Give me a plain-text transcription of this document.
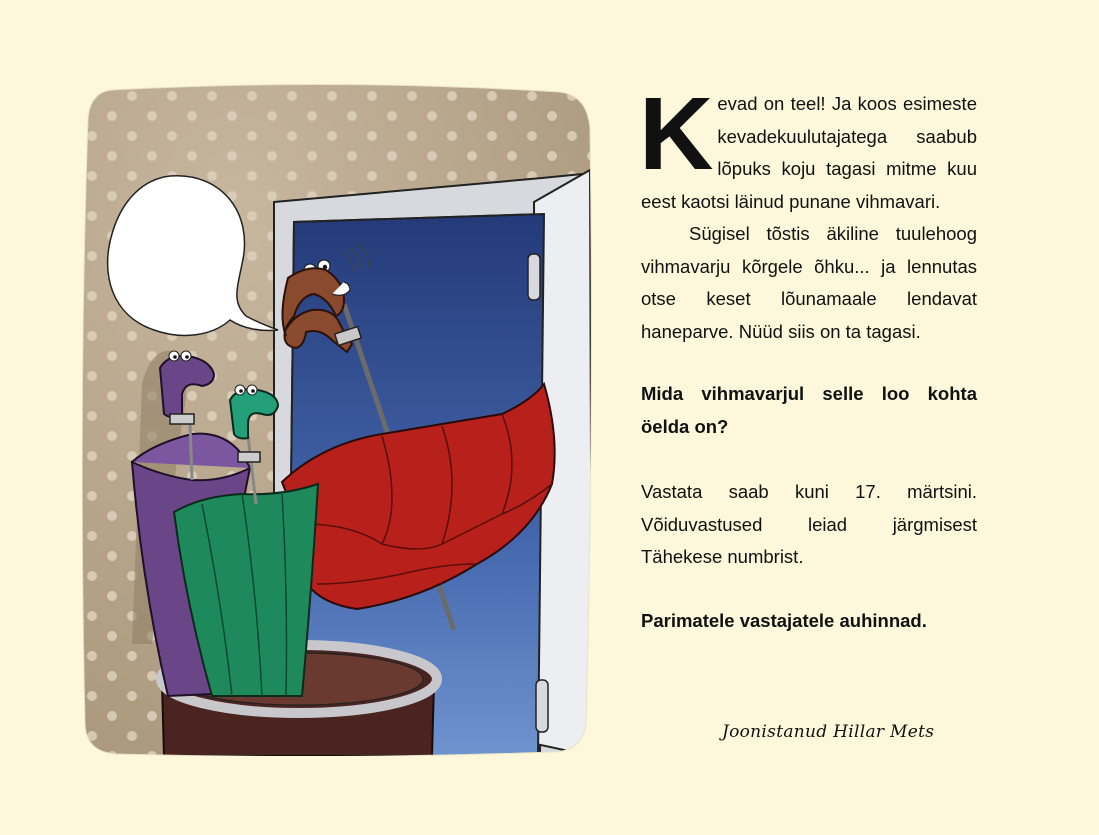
Kevad on teel! Ja koos esimeste kevadekuulutajatega saabub lõpuks koju tagasi mitme kuu eest kaotsi läinud punane vihmavari.

Sügisel tõstis äkiline tuulehoog vihmavarju kõrgele õhku... ja lennutas otse keset lõunamaale lendavat haneparve. Nüüd siis on ta tagasi.

Mida vihmavarjul selle loo kohta öelda on?

Vastata saab kuni 17. märtsini. Võiduvastused leiad järgmisest Tähekese numbrist.

Parimatele vastajatele auhinnad.

Joonistanud Hillar Mets
